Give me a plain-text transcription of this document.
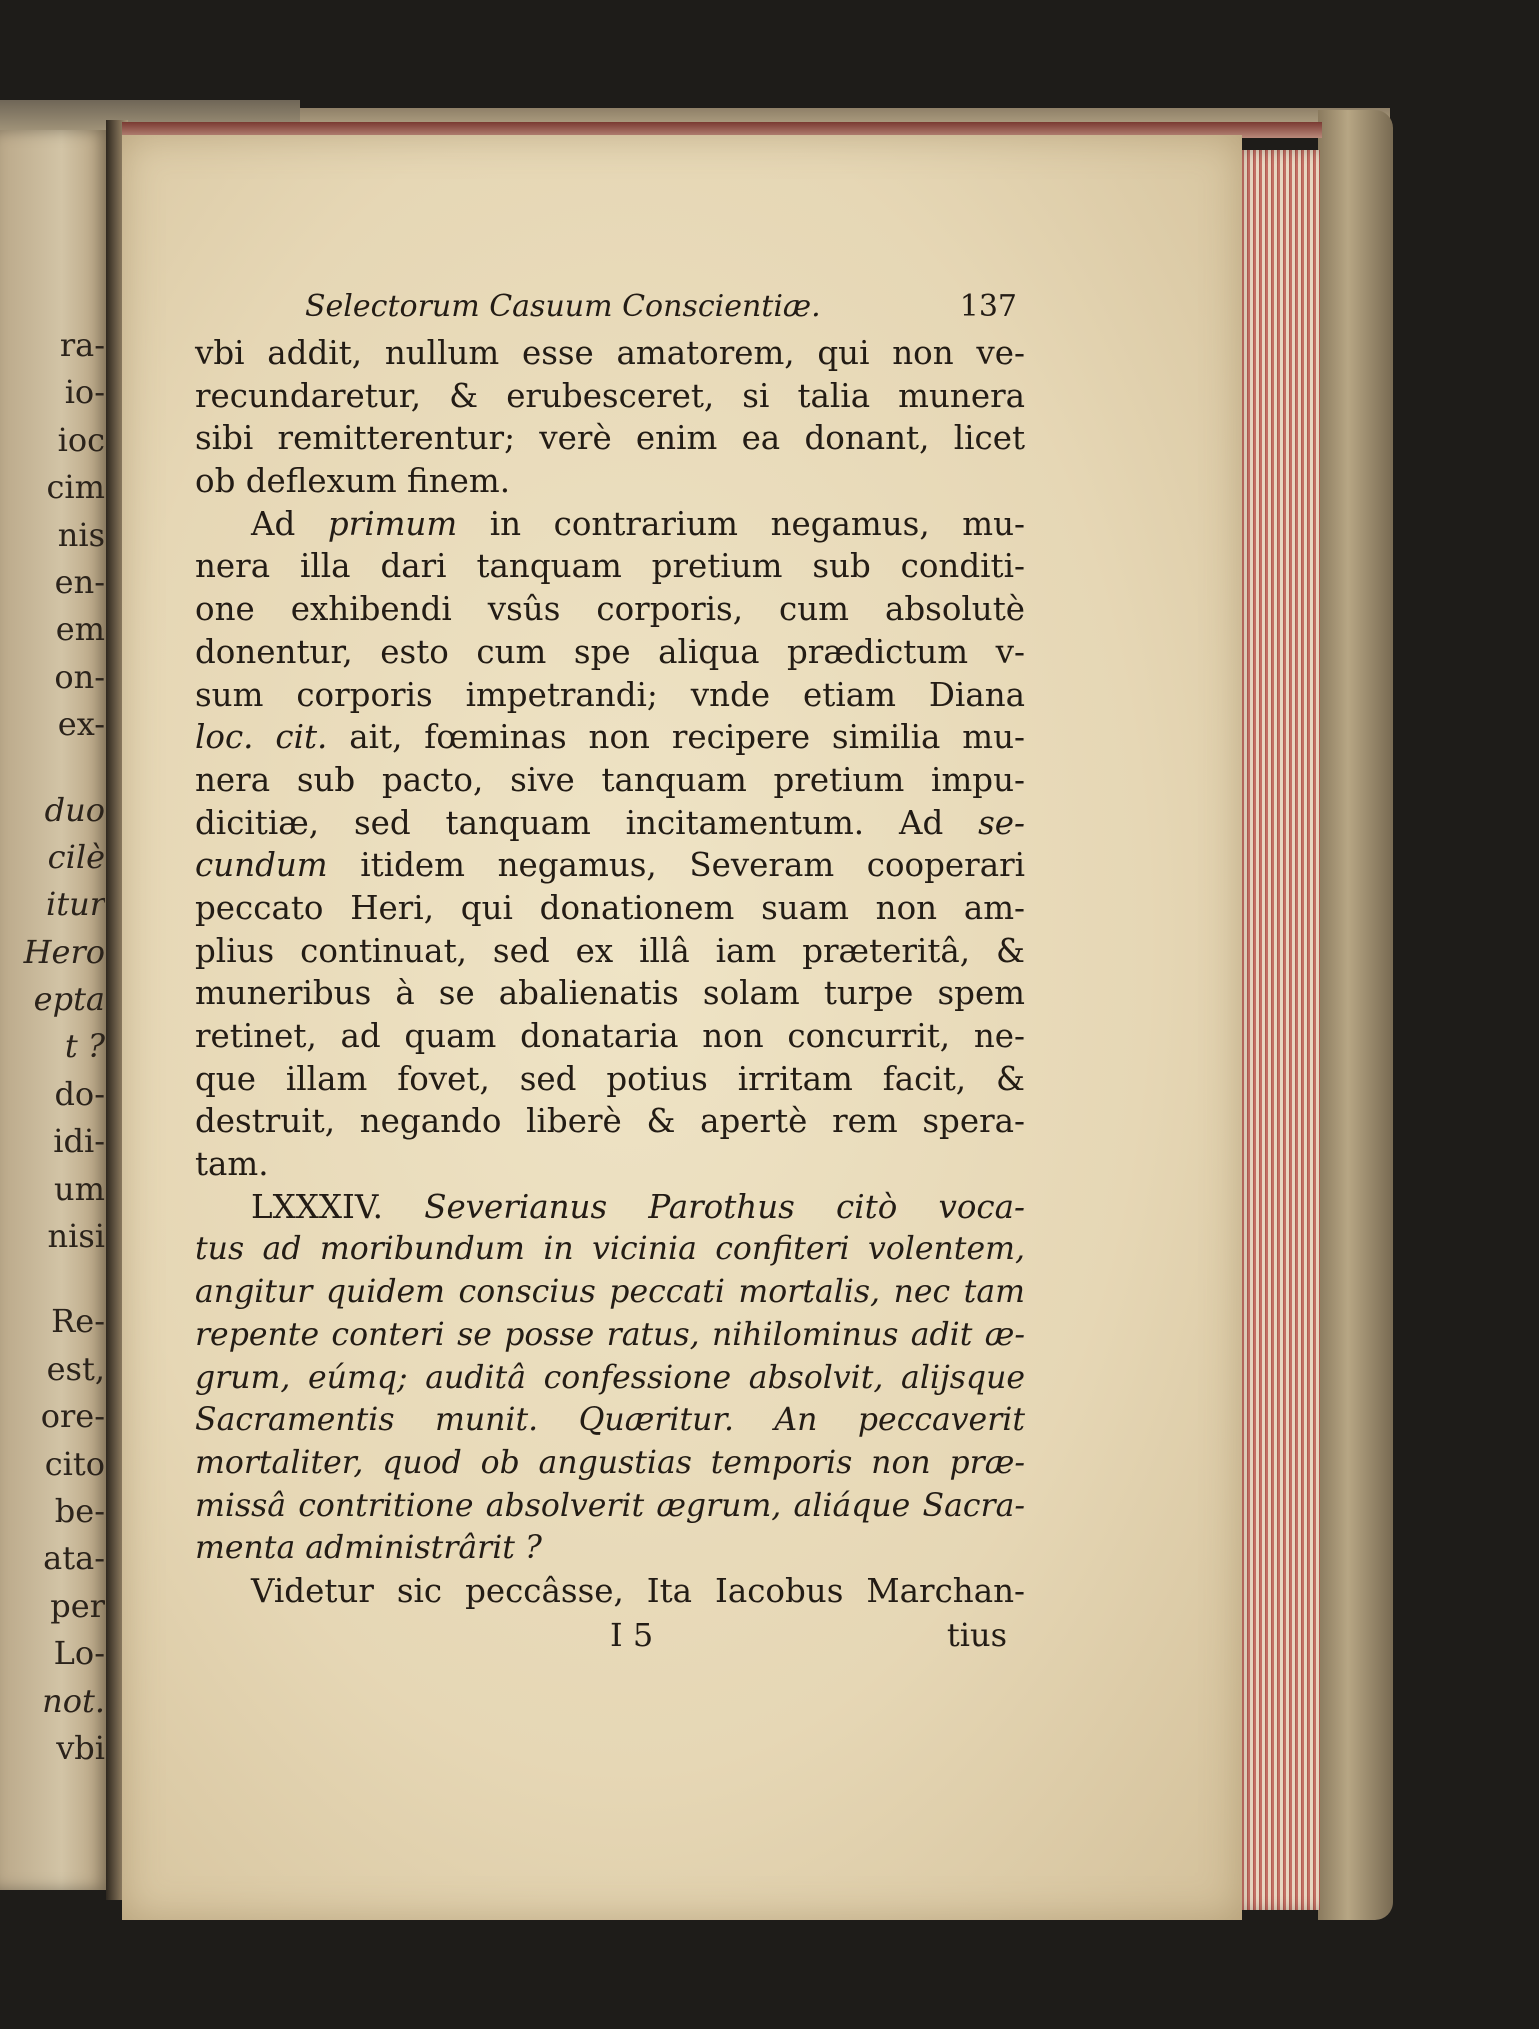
ra-
io-
ioc
cim
nis
en-
em
on-
ex-
duo
cilè
itur
Hero
epta
t ?
do-
idi-
um
nisi
Re-
est,
ore-
cito
be-
ata-
per
Lo-
not.
vbi
Selectorum Casuum Conscientiæ.	137
vbi addit, nullum esse amatorem, qui non ve-
recundaretur, & erubesceret, si talia munera
sibi remitterentur; verè enim ea donant, licet
ob deflexum finem.
Ad primum in contrarium negamus, mu-
nera illa dari tanquam pretium sub conditi-
one exhibendi vsûs corporis, cum absolutè
donentur, esto cum spe aliqua prædictum v-
sum corporis impetrandi; vnde etiam Diana
loc. cit. ait, fœminas non recipere similia mu-
nera sub pacto, sive tanquam pretium impu-
dicitiæ, sed tanquam incitamentum. Ad se-
cundum itidem negamus, Severam cooperari
peccato Heri, qui donationem suam non am-
plius continuat, sed ex illâ iam præteritâ, &
muneribus à se abalienatis solam turpe spem
retinet, ad quam donataria non concurrit, ne-
que illam fovet, sed potius irritam facit, &
destruit, negando liberè & apertè rem spera-
tam.
LXXXIV. Severianus Parothus citò voca-
tus ad moribundum in vicinia confiteri volentem,
angitur quidem conscius peccati mortalis, nec tam
repente conteri se posse ratus, nihilominus adit æ-
grum, eúmq; auditâ confessione absolvit, alijsque
Sacramentis munit. Quæritur. An peccaverit
mortaliter, quod ob angustias temporis non præ-
missâ contritione absolverit ægrum, aliáque Sacra-
menta administrârit ?
Videtur sic peccâsse, Ita Iacobus Marchan-
I 5	tius
